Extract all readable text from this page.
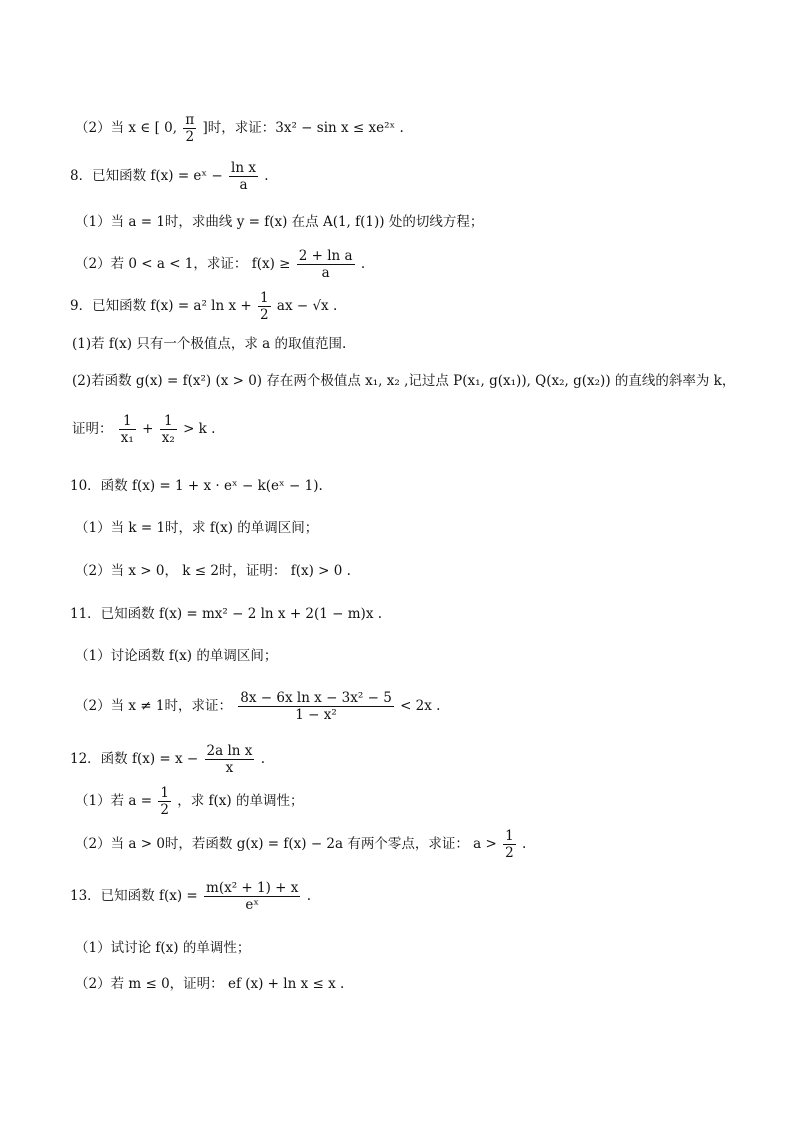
（2）当 x ∈ [ 0, $\frac{\pi}{2}$ ]时，求证：3x² − sin x ≤ xe²ˣ .
8．已知函数 f(x) = eˣ − $\frac{\text{ln x}}{a}$ .
（1）当 a = 1时，求曲线 y = f(x) 在点 A(1, f(1)) 处的切线方程；
（2）若 0 < a < 1，求证： $f(x) \ge \frac{\text{2 + ln a}}{a}$ .
9．已知函数 f(x) = a² $\ln x + \frac{1}{2}$ ax − √x .
(1)若 f(x) 只有一个极值点，求 a 的取值范围.
(2)若函数 g(x) = f(x²) (x > 0) 存在两个极值点 x₁, x₂ ,记过点 P(x₁, g(x₁)), Q(x₂, g(x₂)) 的直线的斜率为 k，
证明： $\frac{1}{\text{x₁}} + \frac{1}{\text{x₂}} > k$ .
10．函数 f(x) = 1 + x · eˣ − k(eˣ − 1).
（1）当 k = 1时，求 f(x) 的单调区间；
（2）当 x > 0， k ≤ 2时，证明： f(x) > 0 .
11．已知函数 f(x) = mx² − 2 ln x + 2(1 − m)x .
（1）讨论函数 f(x) 的单调区间；
（2）当 x ≠ 1时，求证： $\frac{\text{8x − 6x ln x − 3x² − 5}}{\text{1 − x²}} < 2x$ .
12．函数 $f(x) = x - \frac{\text{2a ln x}}{x}$ .
（1）若 $a = \frac{1}{2}$ ，求 f(x) 的单调性；
（2）当 a > 0时，若函数 g(x) = f(x) − 2a 有两个零点，求证： $a > \frac{1}{2}$ .
13．已知函数 $f(x) = \frac{\text{m(x² + 1) + x}}{\text{eˣ}}$ .
（1）试讨论 f(x) 的单调性；
（2）若 m ≤ 0，证明： ef (x) + ln x ≤ x .
